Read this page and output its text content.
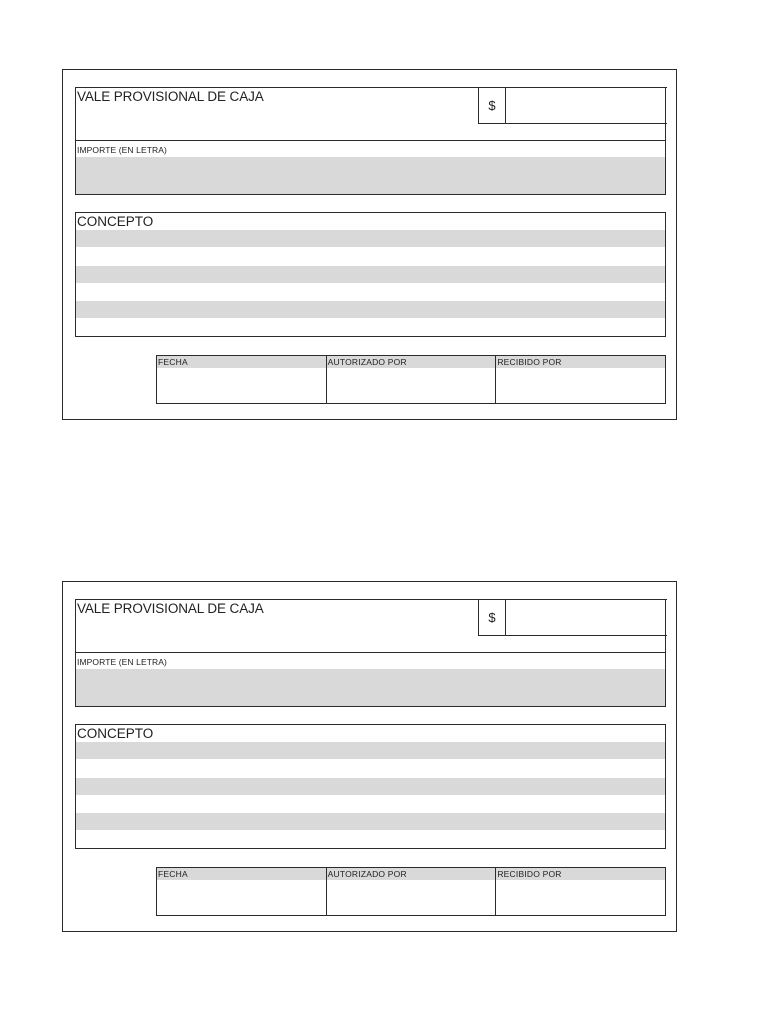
VALE PROVISIONAL DE CAJA
$
IMPORTE (EN LETRA)
CONCEPTO
FECHA	AUTORIZADO POR	RECIBIDO POR
VALE PROVISIONAL DE CAJA
$
IMPORTE (EN LETRA)
CONCEPTO
FECHA	AUTORIZADO POR	RECIBIDO POR
